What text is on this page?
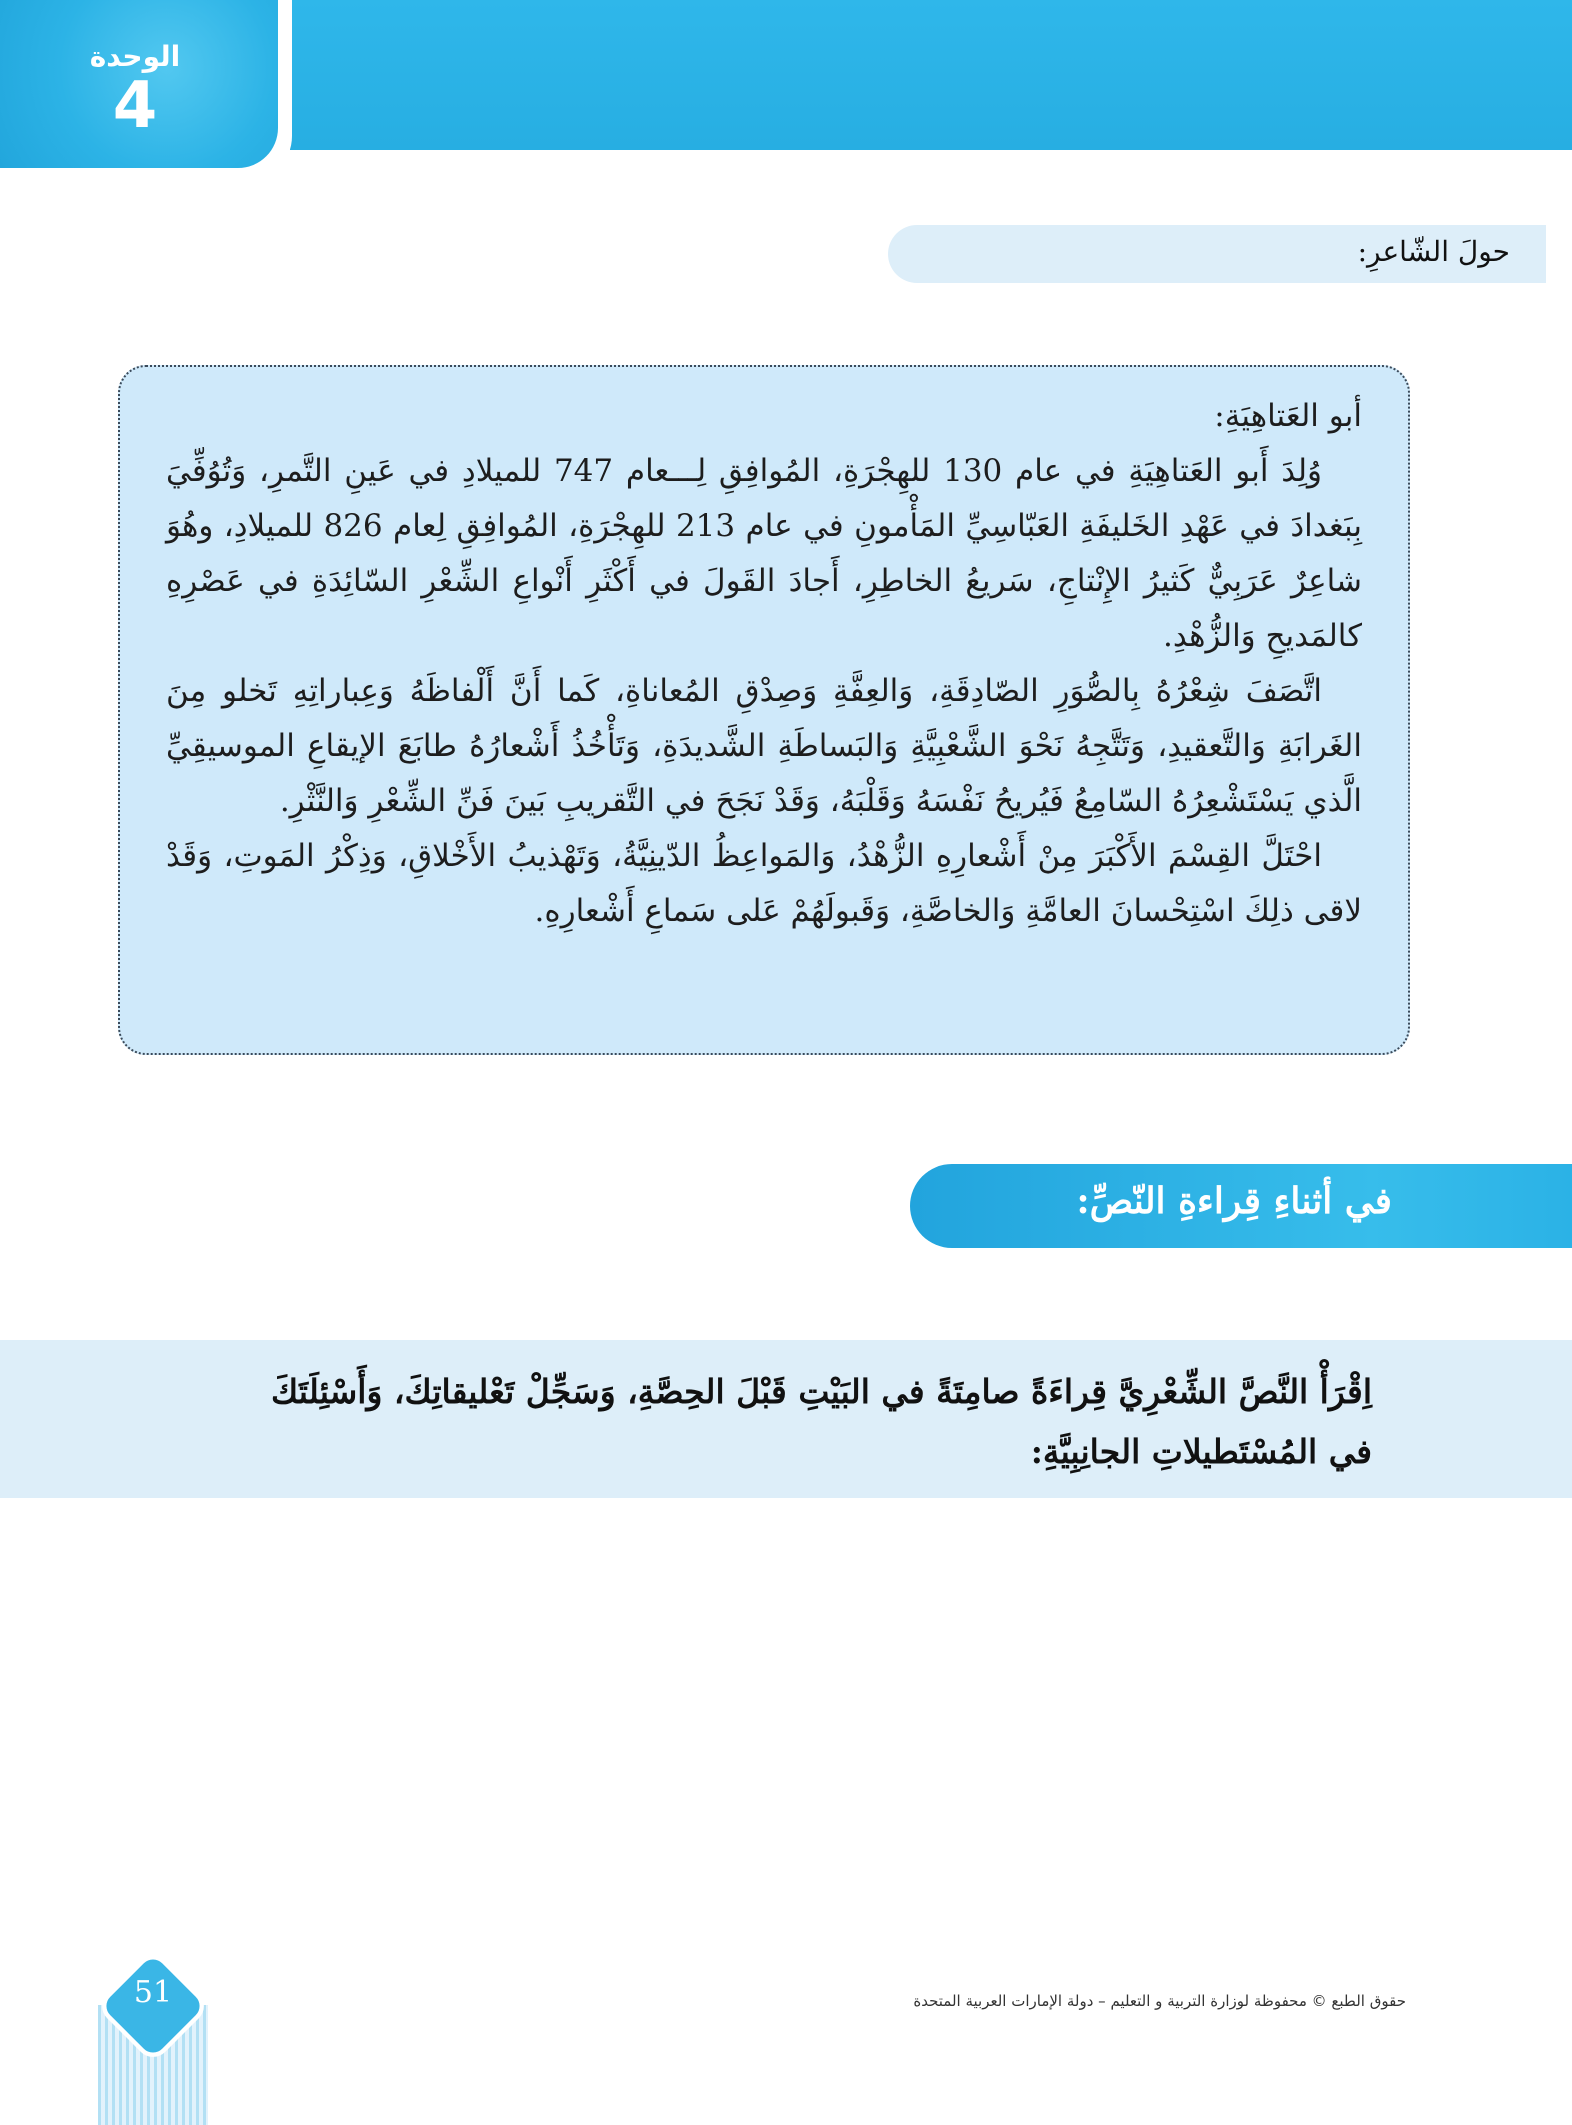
الوحدة
4
حولَ الشّاعرِ:

أبو العَتاهِيَةِ:

وُلِدَ أَبو العَتاهِيَةِ في عام 130 للهِجْرَةِ، المُوافِقِ لِـــعام 747 للميلادِ في عَينِ التَّمرِ، وَتُوُفِّيَ بِبَغدادَ في عَهْدِ الخَليفَةِ العَبّاسِيِّ المَأْمونِ في عام 213 للهِجْرَةِ، المُوافِقِ لِعام 826 للميلادِ، وهُوَ شاعِرٌ عَرَبِيٌّ كَثيرُ الإِنْتاجِ، سَريعُ الخاطِرِ، أَجادَ القَولَ في أَكْثَرِ أَنْواعِ الشِّعْرِ السّائِدَةِ في عَصْرِهِ كالمَديحِ وَالزُّهْدِ.

اتَّصَفَ شِعْرُهُ بِالصُّوَرِ الصّادِقَةِ، وَالعِفَّةِ وَصِدْقِ المُعاناةِ، كَما أَنَّ أَلْفاظَهُ وَعِباراتِهِ تَخلو مِنَ الغَرابَةِ وَالتَّعقيدِ، وَتَتَّجِهُ نَحْوَ الشَّعْبِيَّةِ وَالبَساطَةِ الشَّديدَةِ، وَتَأْخُذُ أَشْعارُهُ طابَعَ الإيقاعِ الموسيقِيِّ الَّذي يَسْتَشْعِرُهُ السّامِعُ فَيُريحُ نَفْسَهُ وَقَلْبَهُ، وَقَدْ نَجَحَ في التَّقريبِ بَينَ فَنِّ الشِّعْرِ وَالنَّثْرِ.

احْتَلَّ القِسْمَ الأَكْبَرَ مِنْ أَشْعارِهِ الزُّهْدُ، وَالمَواعِظُ الدّينِيَّةُ، وَتَهْذيبُ الأَخْلاقِ، وَذِكْرُ المَوتِ، وَقَدْ لاقى ذلِكَ اسْتِحْسانَ العامَّةِ وَالخاصَّةِ، وَقَبولَهُمْ عَلى سَماعِ أَشْعارِهِ.

في أثناءِ قِراءةِ النّصِّ:

اِقْرَأْ النَّصَّ الشِّعْرِيَّ قِراءَةً صامِتَةً في البَيْتِ قَبْلَ الحِصَّةِ، وَسَجِّلْ تَعْليقاتِكَ، وَأَسْئِلَتَكَ في المُسْتَطيلاتِ الجانِبِيَّةِ:

51	حقوق الطبع © محفوظة لوزارة التربية و التعليم – دولة الإمارات العربية المتحدة
